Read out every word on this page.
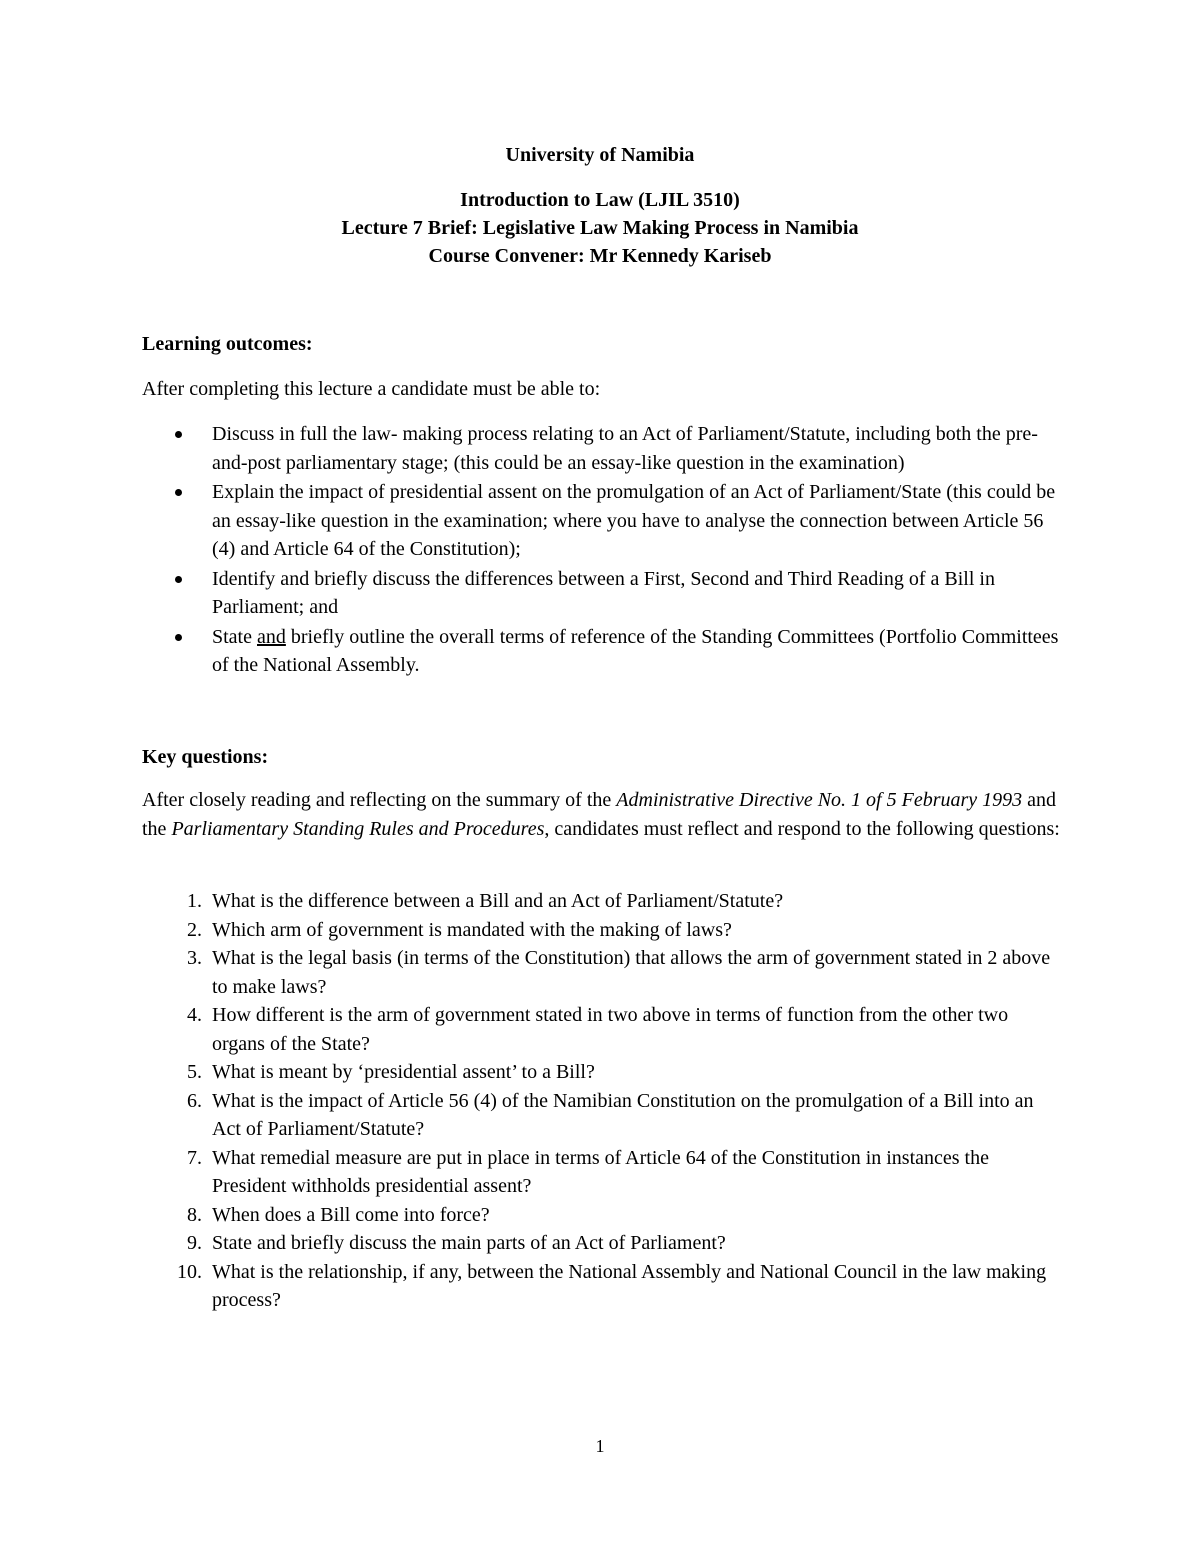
University of Namibia
Introduction to Law (LJIL 3510)
Lecture 7 Brief: Legislative Law Making Process in Namibia
Course Convener: Mr Kennedy Kariseb
Learning outcomes:
After completing this lecture a candidate must be able to:
Discuss in full the law- making process relating to an Act of Parliament/Statute, including both the pre-and-post parliamentary stage; (this could be an essay-like question in the examination)
Explain the impact of presidential assent on the promulgation of an Act of Parliament/State (this could be an essay-like question in the examination; where you have to analyse the connection between Article 56 (4) and Article 64 of the Constitution);
Identify and briefly discuss the differences between a First, Second and Third Reading of a Bill in Parliament; and
State and briefly outline the overall terms of reference of the Standing Committees (Portfolio Committees of the National Assembly.
Key questions:
After closely reading and reflecting on the summary of the Administrative Directive No. 1 of 5 February 1993 and the Parliamentary Standing Rules and Procedures, candidates must reflect and respond to the following questions:
1. What is the difference between a Bill and an Act of Parliament/Statute?
2. Which arm of government is mandated with the making of laws?
3. What is the legal basis (in terms of the Constitution) that allows the arm of government stated in 2 above to make laws?
4. How different is the arm of government stated in two above in terms of function from the other two organs of the State?
5. What is meant by ‘presidential assent’ to a Bill?
6. What is the impact of Article 56 (4) of the Namibian Constitution on the promulgation of a Bill into an Act of Parliament/Statute?
7. What remedial measure are put in place in terms of Article 64 of the Constitution in instances the President withholds presidential assent?
8. When does a Bill come into force?
9. State and briefly discuss the main parts of an Act of Parliament?
10. What is the relationship, if any, between the National Assembly and National Council in the law making process?
1
